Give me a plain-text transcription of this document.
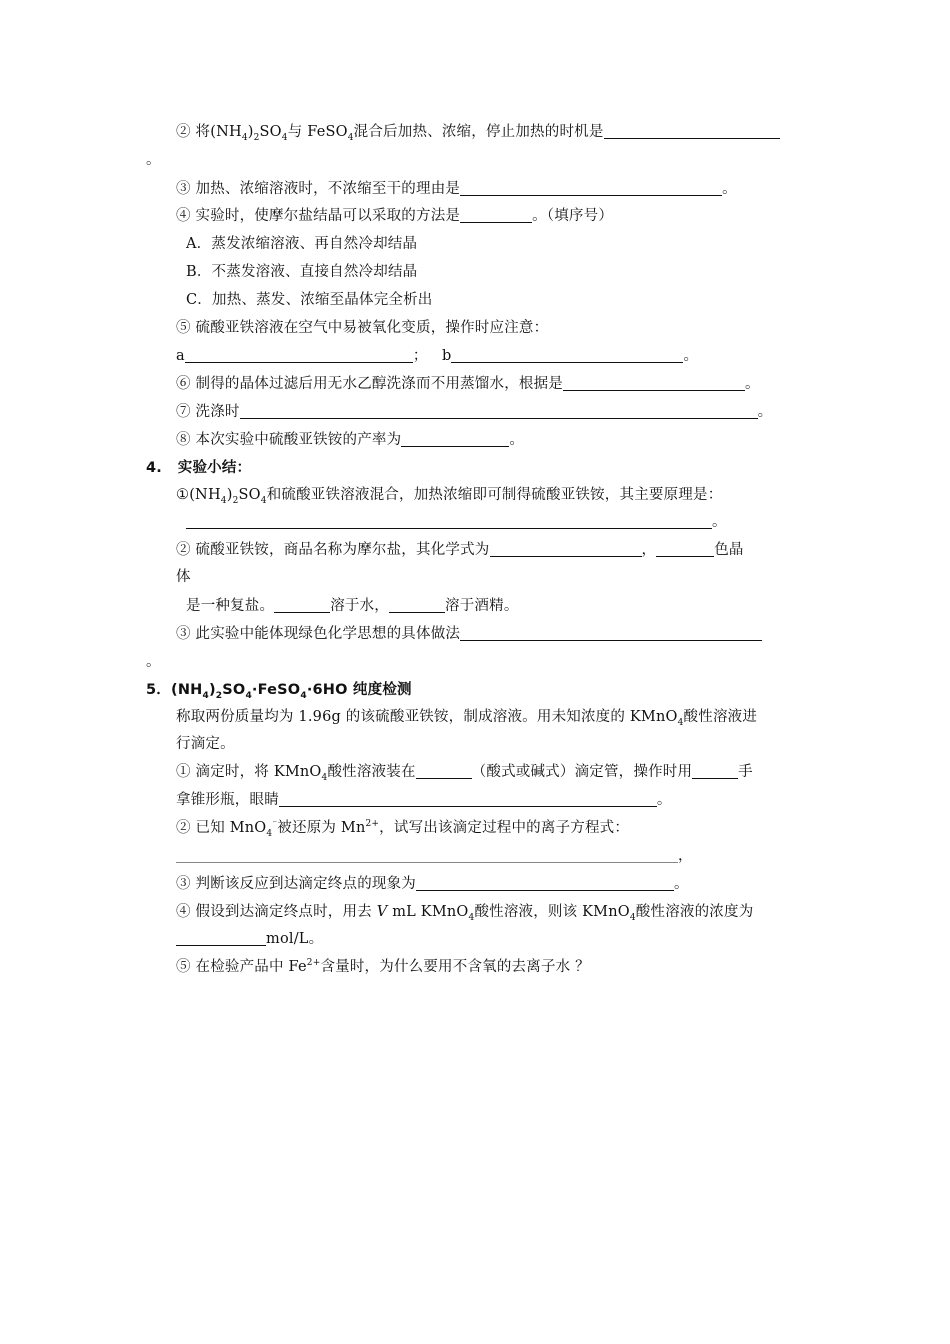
② 将$(NH_4)_2SO_4$与 FeSO$_4$混合后加热、浓缩，停止加热的时机是
。
③ 加热、浓缩溶液时，不浓缩至干的理由是	。
④ 实验时，使摩尔盐结晶可以采取的方法是	。（填序号）
A．蒸发浓缩溶液、再自然冷却结晶
B．不蒸发溶液、直接自然冷却结晶
C．加热、蒸发、浓缩至晶体完全析出
⑤ 硫酸亚铁溶液在空气中易被氧化变质，操作时应注意：
a	； b	。
⑥ 制得的晶体过滤后用无水乙醇洗涤而不用蒸馏水，根据是	。
⑦ 洗涤时	。
⑧ 本次实验中硫酸亚铁铵的产率为	。
4. 实验小结：
$①(NH_4)_2SO_4$和硫酸亚铁溶液混合，加热浓缩即可制得硫酸亚铁铵，其主要原理是：
。
② 硫酸亚铁铵，商品名称为摩尔盐，其化学式为	，	色晶
体
是一种复盐。	溶于水，	溶于酒精。
③ 此实验中能体现绿色化学思想的具体做法
。
5．$(NH_4)_2SO_4\cdot FeSO_4\cdot 6HO$ 纯度检测
称取两份质量均为 1.96g 的该硫酸亚铁铵，制成溶液。用未知浓度的 KMnO$_4$酸性溶液进
行滴定。
① 滴定时，将 KMnO$_4$酸性溶液装在	（酸式或碱式）滴定管，操作时用	手
拿锥形瓶，眼睛	。
② 已知 MnO$_4$⁻被还原为 $Mn^{2+}$，试写出该滴定过程中的离子方程式：
，
③ 判断该反应到达滴定终点的现象为	。
④ 假设到达滴定终点时，用去 V mL KMnO$_4$酸性溶液，则该 KMnO$_4$酸性溶液的浓度为
mol/L。
⑤ 在检验产品中 $Fe^{2+}$含量时，为什么要用不含氧的去离子水 ？
